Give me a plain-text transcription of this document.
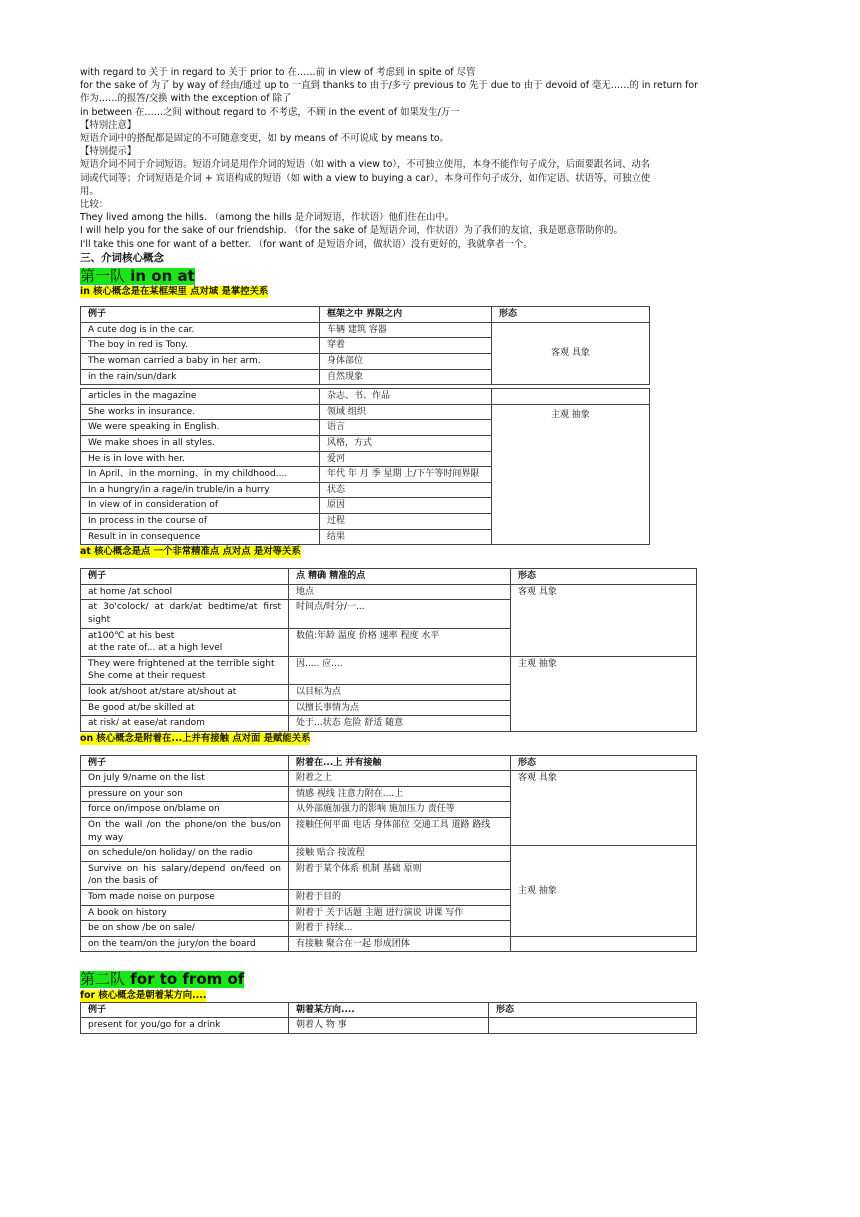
with regard to 关于 in regard to 关于 prior to 在……前 in view of 考虑到 in spite of 尽管
for the sake of 为了 by way of 经由/通过 up to 一直到 thanks to 由于/多亏 previous to 先于 due to 由于 devoid of 毫无……的 in return for
作为……的报答/交换 with the exception of 除了
in between 在……之间 without regard to 不考虑，不顾 in the event of 如果发生/万一
【特别注意】
短语介词中的搭配都是固定的不可随意变更，如 by means of 不可说成 by means to。
【特别提示】
短语介词不同于介词短语。短语介词是用作介词的短语（如 with a view to），不可独立使用，本身不能作句子成分，后面要跟名词、动名
词或代词等；介词短语是介词 + 宾语构成的短语（如 with a view to buying a car），本身可作句子成分，如作定语、状语等，可独立使
用。
比较：
They lived among the hills. （among the hills 是介词短语，作状语）他们住在山中。
I will help you for the sake of our friendship. （for the sake of 是短语介词，作状语）为了我们的友谊，我是愿意帮助你的。
I'll take this one for want of a better. （for want of 是短语介词，做状语）没有更好的，我就拿者一个。
三、介词核心概念
第一队 in on at
in 核心概念是在某框架里 点对域 是掌控关系
例子	框架之中 界限之内	形态
A cute dog is in the car.	车辆 建筑 容器	客观 具象
The boy in red is Tony.	穿着	
The woman carried a baby in her arm.	身体部位	
in the rain/sun/dark	自然现象	
articles in the magazine	杂志、书、作品	
She works in insurance.	领域 组织	主观 抽象
We were speaking in English.	语言	
We make shoes in all styles.	风格，方式	
He is in love with her.	爱河	
In April、in the morning、in my childhood....	年代 年 月 季 星期 上/下午等时间界限	
In a hungry/in a rage/in truble/in a hurry	状态	
In view of in consideration of	原因	
In process in the course of	过程	
Result in in consequence	结果	
at 核心概念是点 一个非常精准点 点对点 是对等关系
例子	点 精确 精准的点	形态
at home /at school	地点	客观 具象
at 3o'colock/ at dark/at bedtime/at first sight	时间点/时分/一...	
at100℃ at his best
at the rate of... at a high level	数值:年龄 温度 价格 速率 程度 水平	
They were frightened at the terrible sight
She come at their request	因..... 应....	主观 抽象
look at/shoot at/stare at/shout at	以目标为点	
Be good at/be skilled at	以擅长事情为点	
at risk/ at ease/at random	处于...状态 危险 舒适 随意	
on 核心概念是附着在...上并有接触 点对面 是赋能关系
例子	附着在...上 并有接触	形态
On july 9/name on the list	附着之上	客观 具象
pressure on your son	情感 视线 注意力附在....上	
force on/impose on/blame on	从外部施加强力的影响 施加压力 责任等	
On the wall /on the phone/on the bus/on my way	接触任何平面 电话 身体部位 交通工具 道路 路线	
on schedule/on holiday/ on the radio	接触 贴合 按流程	主观 抽象
Survive on his salary/depend on/feed on /on the basis of	附着于某个体系 机制 基础 原则	
Tom made noise on purpose	附着于目的	
A book on history	附着于 关于话题 主题 进行演说 讲课 写作	
be on show /be on sale/	附着于 持续...	
on the team/on the jury/on the board	有接触 聚合在一起 形成团体	
第二队 for to from of
for 核心概念是朝着某方向....
例子	朝着某方向....	形态
present for you/go for a drink	朝着人 物 事	
